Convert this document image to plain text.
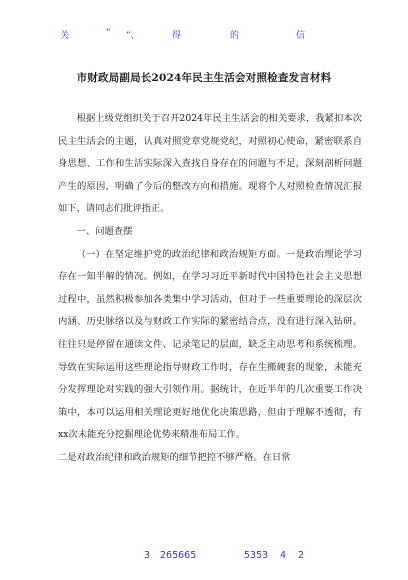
关	“ ”、	得	的	信
市财政局副局长2024年民主生活会对照检查发言材料

根据上级党组织关于召开2024年民主生活会的相关要求，我紧扣本次民主生活会的主题，认真对照党章党规党纪，对照初心使命，紧密联系自身思想、工作和生活实际深入查找自身存在的问题与不足，深刻剖析问题产生的原因，明确了今后的整改方向和措施。现将个人对照检查情况汇报如下，请同志们批评指正。

一、问题查摆

（一）在坚定维护党的政治纪律和政治规矩方面。一是政治理论学习存在一知半解的情况。例如，在学习习近平新时代中国特色社会主义思想过程中，虽然积极参加各类集中学习活动，但对于一些重要理论的深层次内涵、历史脉络以及与财政工作实际的紧密结合点，没有进行深入钻研。往往只是停留在通读文件、记录笔记的层面，缺乏主动思考和系统梳理。导致在实际运用这些理论指导财政工作时，存在生搬硬套的现象，未能充分发挥理论对实践的强大引领作用。据统计，在近半年的几次重要工作决策中，本可以运用相关理论更好地优化决策思路，但由于理解不透彻，有xx次未能充分挖掘理论优势来精准布局工作。

二是对政治纪律和政治规矩的细节把控不够严格。在日常

3 265665	5353 4 2
